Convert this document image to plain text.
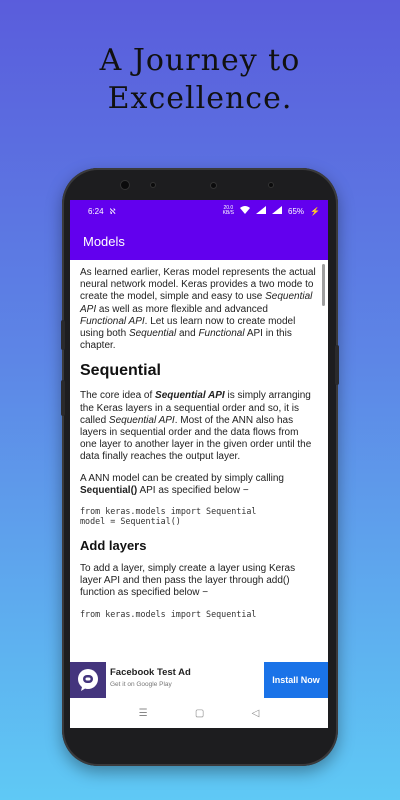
A Journey to
Excellence.
6:24 ℵ	20.0
KB/S	65% ⚡
Models

As learned earlier, Keras model represents the actual neural network model. Keras provides a two mode to create the model, simple and easy to use Sequential API as well as more flexible and advanced Functional API. Let us learn now to create model using both Sequential and Functional API in this chapter.

Sequential

The core idea of Sequential API is simply arranging the Keras layers in a sequential order and so, it is called Sequential API. Most of the ANN also has layers in sequential order and the data flows from one layer to another layer in the given order until the data finally reaches the output layer.

A ANN model can be created by simply calling Sequential() API as specified below −

from keras.models import Sequential
model = Sequential()
Add layers

To add a layer, simply create a layer using Keras layer API and then pass the layer through add() function as specified below −

from keras.models import Sequential
Facebook Test Ad
Get it on Google Play	Install Now
☰	▢	◁
